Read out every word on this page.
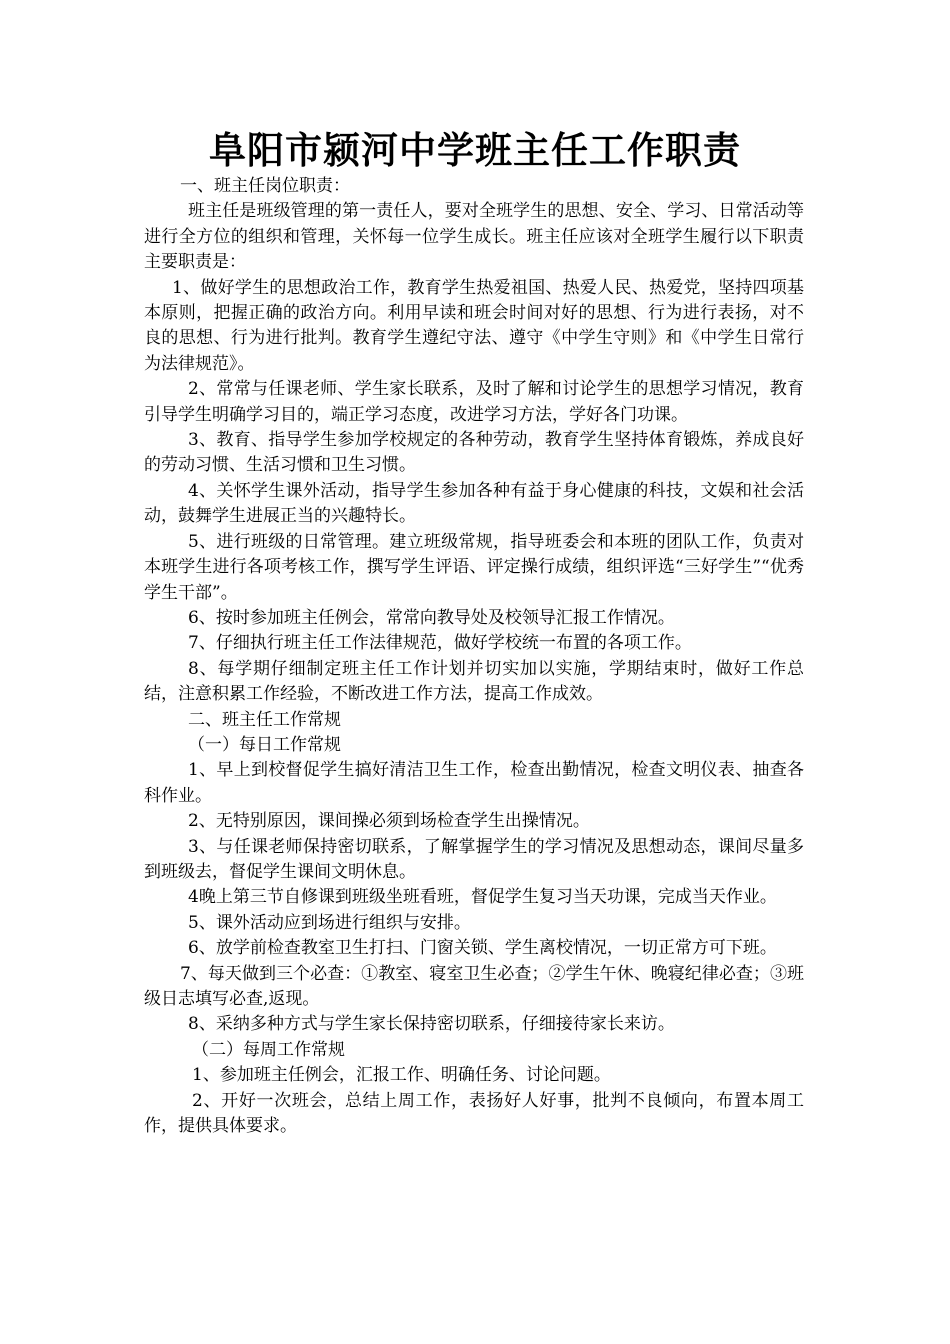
阜阳市颍河中学班主任工作职责

一、班主任岗位职责：

班主任是班级管理的第一责任人，要对全班学生的思想、安全、学习、日常活动等进行全方位的组织和管理，关怀每一位学生成长。班主任应该对全班学生履行以下职责主要职责是：

1、做好学生的思想政治工作，教育学生热爱祖国、热爱人民、热爱党，坚持四项基本原则，把握正确的政治方向。利用早读和班会时间对好的思想、行为进行表扬，对不良的思想、行为进行批判。教育学生遵纪守法、遵守《中学生守则》和《中学生日常行为法律规范》。

2、常常与任课老师、学生家长联系，及时了解和讨论学生的思想学习情况，教育引导学生明确学习目的，端正学习态度，改进学习方法，学好各门功课。

3、教育、指导学生参加学校规定的各种劳动，教育学生坚持体育锻炼，养成良好的劳动习惯、生活习惯和卫生习惯。

4、关怀学生课外活动，指导学生参加各种有益于身心健康的科技，文娱和社会活动，鼓舞学生进展正当的兴趣特长。

5、进行班级的日常管理。建立班级常规，指导班委会和本班的团队工作，负责对本班学生进行各项考核工作，撰写学生评语、评定操行成绩，组织评选“三好学生”“优秀学生干部”。

6、按时参加班主任例会，常常向教导处及校领导汇报工作情况。

7、仔细执行班主任工作法律规范，做好学校统一布置的各项工作。

8、每学期仔细制定班主任工作计划并切实加以实施，学期结束时，做好工作总结，注意积累工作经验，不断改进工作方法，提高工作成效。

二、班主任工作常规

（一）每日工作常规

1、早上到校督促学生搞好清洁卫生工作，检查出勤情况，检查文明仪表、抽查各科作业。

2、无特别原因，课间操必须到场检查学生出操情况。

3、与任课老师保持密切联系，了解掌握学生的学习情况及思想动态，课间尽量多到班级去，督促学生课间文明休息。

4晚上第三节自修课到班级坐班看班，督促学生复习当天功课，完成当天作业。

5、课外活动应到场进行组织与安排。

6、放学前检查教室卫生打扫、门窗关锁、学生离校情况，一切正常方可下班。

7、每天做到三个必查：①教室、寝室卫生必查；②学生午休、晚寝纪律必查；③班级日志填写必查,返现。

8、采纳多种方式与学生家长保持密切联系，仔细接待家长来访。

（二）每周工作常规

1、参加班主任例会，汇报工作、明确任务、讨论问题。

2、开好一次班会，总结上周工作，表扬好人好事，批判不良倾向，布置本周工作，提供具体要求。
